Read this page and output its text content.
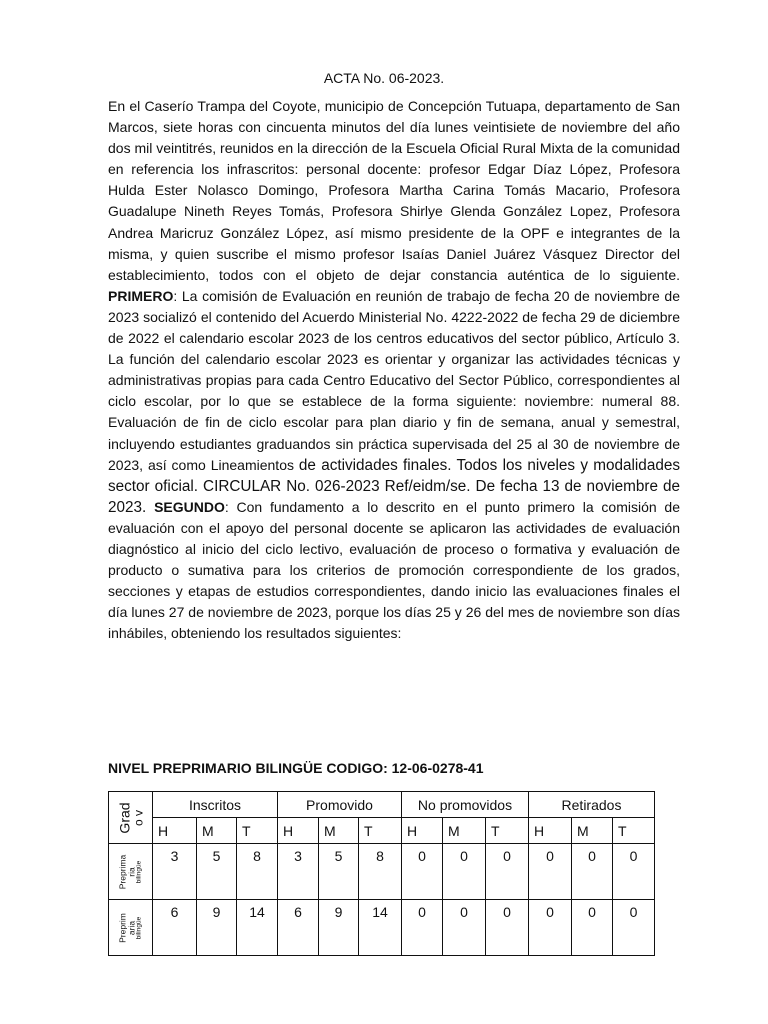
ACTA No. 06-2023.

En el Caserío Trampa del Coyote, municipio de Concepción Tutuapa, departamento de San Marcos, siete horas con cincuenta minutos del día lunes veintisiete de noviembre del año dos mil veintitrés, reunidos en la dirección de la Escuela Oficial Rural Mixta de la comunidad en referencia los infrascritos: personal docente: profesor Edgar Díaz López, Profesora Hulda Ester Nolasco Domingo, Profesora Martha Carina Tomás Macario, Profesora Guadalupe Nineth Reyes Tomás, Profesora Shirlye Glenda González Lopez, Profesora Andrea Maricruz González López, así mismo presidente de la OPF e integrantes de la misma, y quien suscribe el mismo profesor Isaías Daniel Juárez Vásquez Director del establecimiento, todos con el objeto de dejar constancia auténtica de lo siguiente. PRIMERO: La comisión de Evaluación en reunión de trabajo de fecha 20 de noviembre de 2023 socializó el contenido del Acuerdo Ministerial No. 4222-2022 de fecha 29 de diciembre de 2022 el calendario escolar 2023 de los centros educativos del sector público, Artículo 3. La función del calendario escolar 2023 es orientar y organizar las actividades técnicas y administrativas propias para cada Centro Educativo del Sector Público, correspondientes al ciclo escolar, por lo que se establece de la forma siguiente: noviembre: numeral 88. Evaluación de fin de ciclo escolar para plan diario y fin de semana, anual y semestral, incluyendo estudiantes graduandos sin práctica supervisada del 25 al 30 de noviembre de 2023, así como Lineamientos de actividades finales. Todos los niveles y modalidades sector oficial. CIRCULAR No. 026-2023 Ref/eidm/se. De fecha 13 de noviembre de 2023. SEGUNDO: Con fundamento a lo descrito en el punto primero la comisión de evaluación con el apoyo del personal docente se aplicaron las actividades de evaluación diagnóstico al inicio del ciclo lectivo, evaluación de proceso o formativa y evaluación de producto o sumativa para los criterios de promoción correspondiente de los grados, secciones y etapas de estudios correspondientes, dando inicio las evaluaciones finales el día lunes 27 de noviembre de 2023, porque los días 25 y 26 del mes de noviembre son días inhábiles, obteniendo los resultados siguientes:

NIVEL PREPRIMARIO BILINGÜE CODIGO: 12-06-0278-41
Grad
o v	Inscritos			Promovido			No promovidos			Retirados		
	H	M	T	H	M	T	H	M	T	H	M	T

Preprima
ria
bilingüe	3	5	8	3	5	8	0	0	0	0	0	0

Preprim
aria
bilingüe	6	9	14	6	9	14	0	0	0	0	0	0
